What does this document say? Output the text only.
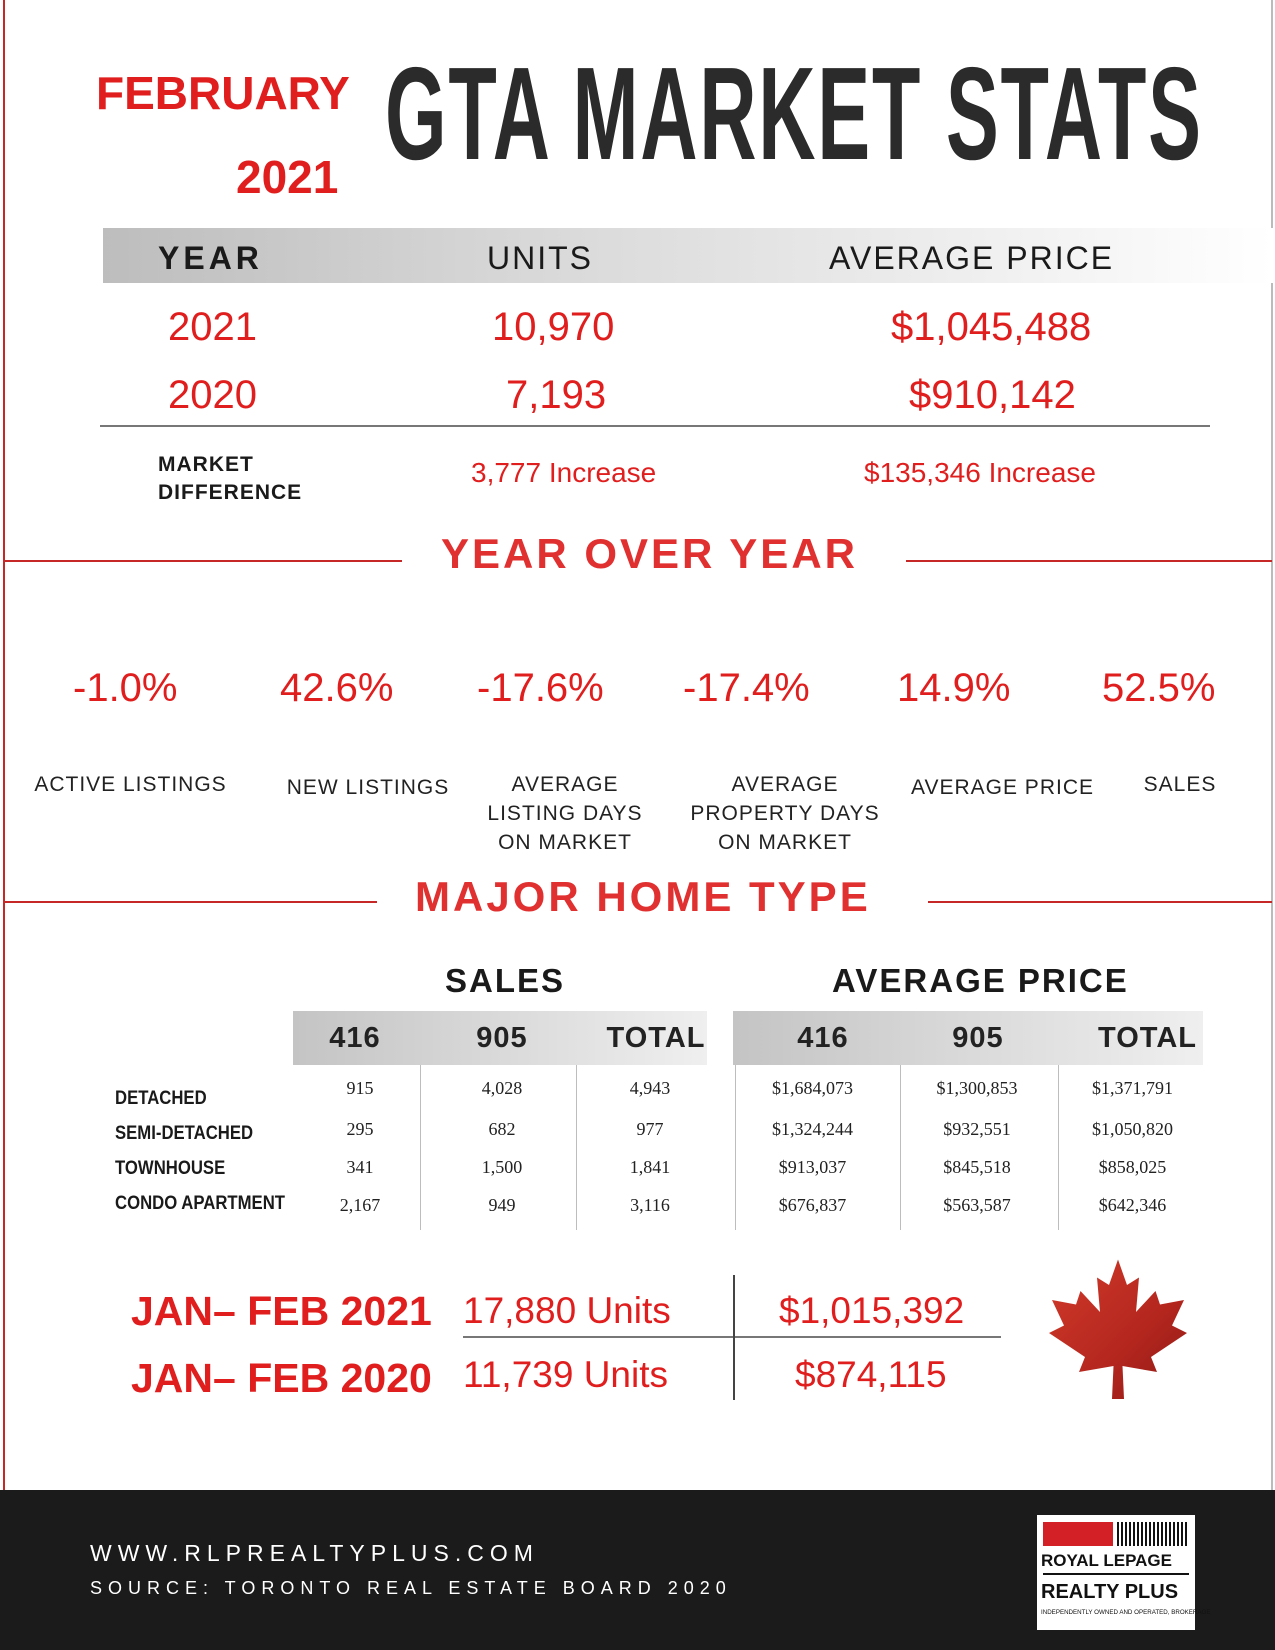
FEBRUARY
2021 GTA MARKET STATS
YEAR	UNITS	AVERAGE PRICE
2021	10,970	$1,045,488
2020	7,193	$910,142
MARKET
DIFFERENCE
3,777 Increase	$135,346 Increase
YEAR OVER YEAR
-1.0%	42.6% -17.6% -17.4% 14.9% 52.5%
ACTIVE LISTINGS	NEW LISTINGS	AVERAGE
LISTING DAYS
ON MARKET
AVERAGE
PROPERTY DAYS
ON MARKET
AVERAGE PRICE	SALES
MAJOR HOME TYPE
SALES	AVERAGE PRICE
416	905	TOTAL	416	905	TOTAL
DETACHED	915	4,028	4,943	$1,684,073	$1,300,853	$1,371,791
SEMI-DETACHED	295	682	977	$1,324,244	$932,551	$1,050,820
TOWNHOUSE	341	1,500	1,841	$913,037	$845,518	$858,025
CONDO APARTMENT	2,167	949	3,116	$676,837	$563,587	$642,346
JAN– FEB 2021 17,880 Units	$1,015,392
JAN– FEB 2020 11,739 Units	$874,115
WWW.RLPREALTYPLUS.COM
SOURCE: TORONTO REAL ESTATE BOARD 2020
ROYAL LEPAGE
REALTY PLUS
INDEPENDENTLY OWNED AND OPERATED, BROKERAGE
